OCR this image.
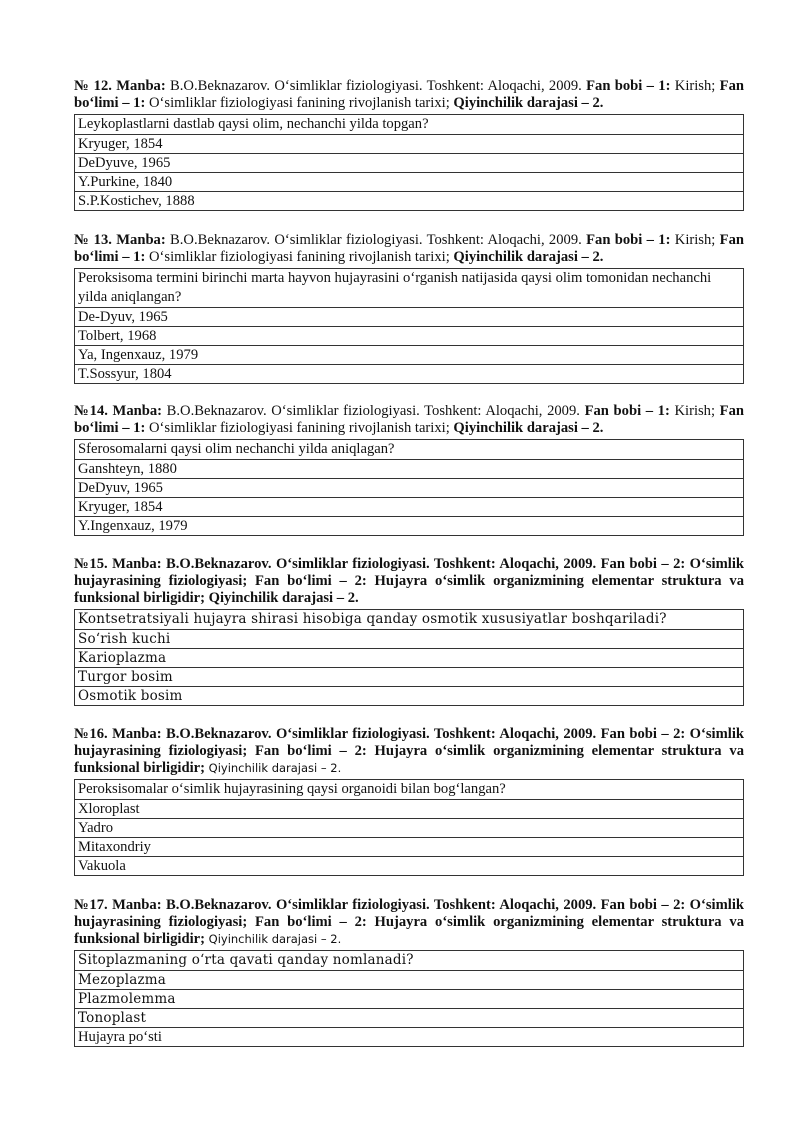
№ 12. Manba: B.O.Beknazarov. O‘simliklar fiziologiyasi. Toshkent: Aloqachi, 2009. Fan bobi – 1: Kirish; Fan bo‘limi – 1: O‘simliklar fiziologiyasi fanining rivojlanish tarixi; Qiyinchilik darajasi – 2.

Leykoplastlarni dastlab qaysi olim, nechanchi yilda topgan?
Kryuger, 1854
DeDyuve, 1965
Y.Purkine, 1840
S.P.Kostichev, 1888

№ 13. Manba: B.O.Beknazarov. O‘simliklar fiziologiyasi. Toshkent: Aloqachi, 2009. Fan bobi – 1: Kirish; Fan bo‘limi – 1: O‘simliklar fiziologiyasi fanining rivojlanish tarixi; Qiyinchilik darajasi – 2.

Peroksisoma termini birinchi marta hayvon hujayrasini o‘rganish natijasida qaysi olim tomonidan nechanchi yilda aniqlangan?
De-Dyuv, 1965
Tolbert, 1968
Ya, Ingenxauz, 1979
T.Sossyur, 1804

№14. Manba: B.O.Beknazarov. O‘simliklar fiziologiyasi. Toshkent: Aloqachi, 2009. Fan bobi – 1: Kirish; Fan bo‘limi – 1: O‘simliklar fiziologiyasi fanining rivojlanish tarixi; Qiyinchilik darajasi – 2.

Sferosomalarni qaysi olim nechanchi yilda aniqlagan?
Ganshteyn, 1880
DeDyuv, 1965
Kryuger, 1854
Y.Ingenxauz, 1979

№15. Manba: B.O.Beknazarov. O‘simliklar fiziologiyasi. Toshkent: Aloqachi, 2009. Fan bobi – 2: O‘simlik hujayrasining fiziologiyasi; Fan bo‘limi – 2: Hujayra o‘simlik organizmining elementar struktura va funksional birligidir; Qiyinchilik darajasi – 2.

Kontsetratsiyali hujayra shirasi hisobiga qanday osmotik xususiyatlar boshqariladi?
So‘rish kuchi
Karioplazma
Turgor bosim
Osmotik bosim

№16. Manba: B.O.Beknazarov. O‘simliklar fiziologiyasi. Toshkent: Aloqachi, 2009. Fan bobi – 2: O‘simlik hujayrasining fiziologiyasi; Fan bo‘limi – 2: Hujayra o‘simlik organizmining elementar struktura va funksional birligidir; Qiyinchilik darajasi – 2.

Peroksisomalar o‘simlik hujayrasining qaysi organoidi bilan bog‘langan?
Xloroplast
Yadro
Mitaxondriy
Vakuola

№17. Manba: B.O.Beknazarov. O‘simliklar fiziologiyasi. Toshkent: Aloqachi, 2009. Fan bobi – 2: O‘simlik hujayrasining fiziologiyasi; Fan bo‘limi – 2: Hujayra o‘simlik organizmining elementar struktura va funksional birligidir; Qiyinchilik darajasi – 2.

Sitoplazmaning o‘rta qavati qanday nomlanadi?
Mezoplazma
Plazmolemma
Tonoplast
Hujayra po‘sti
